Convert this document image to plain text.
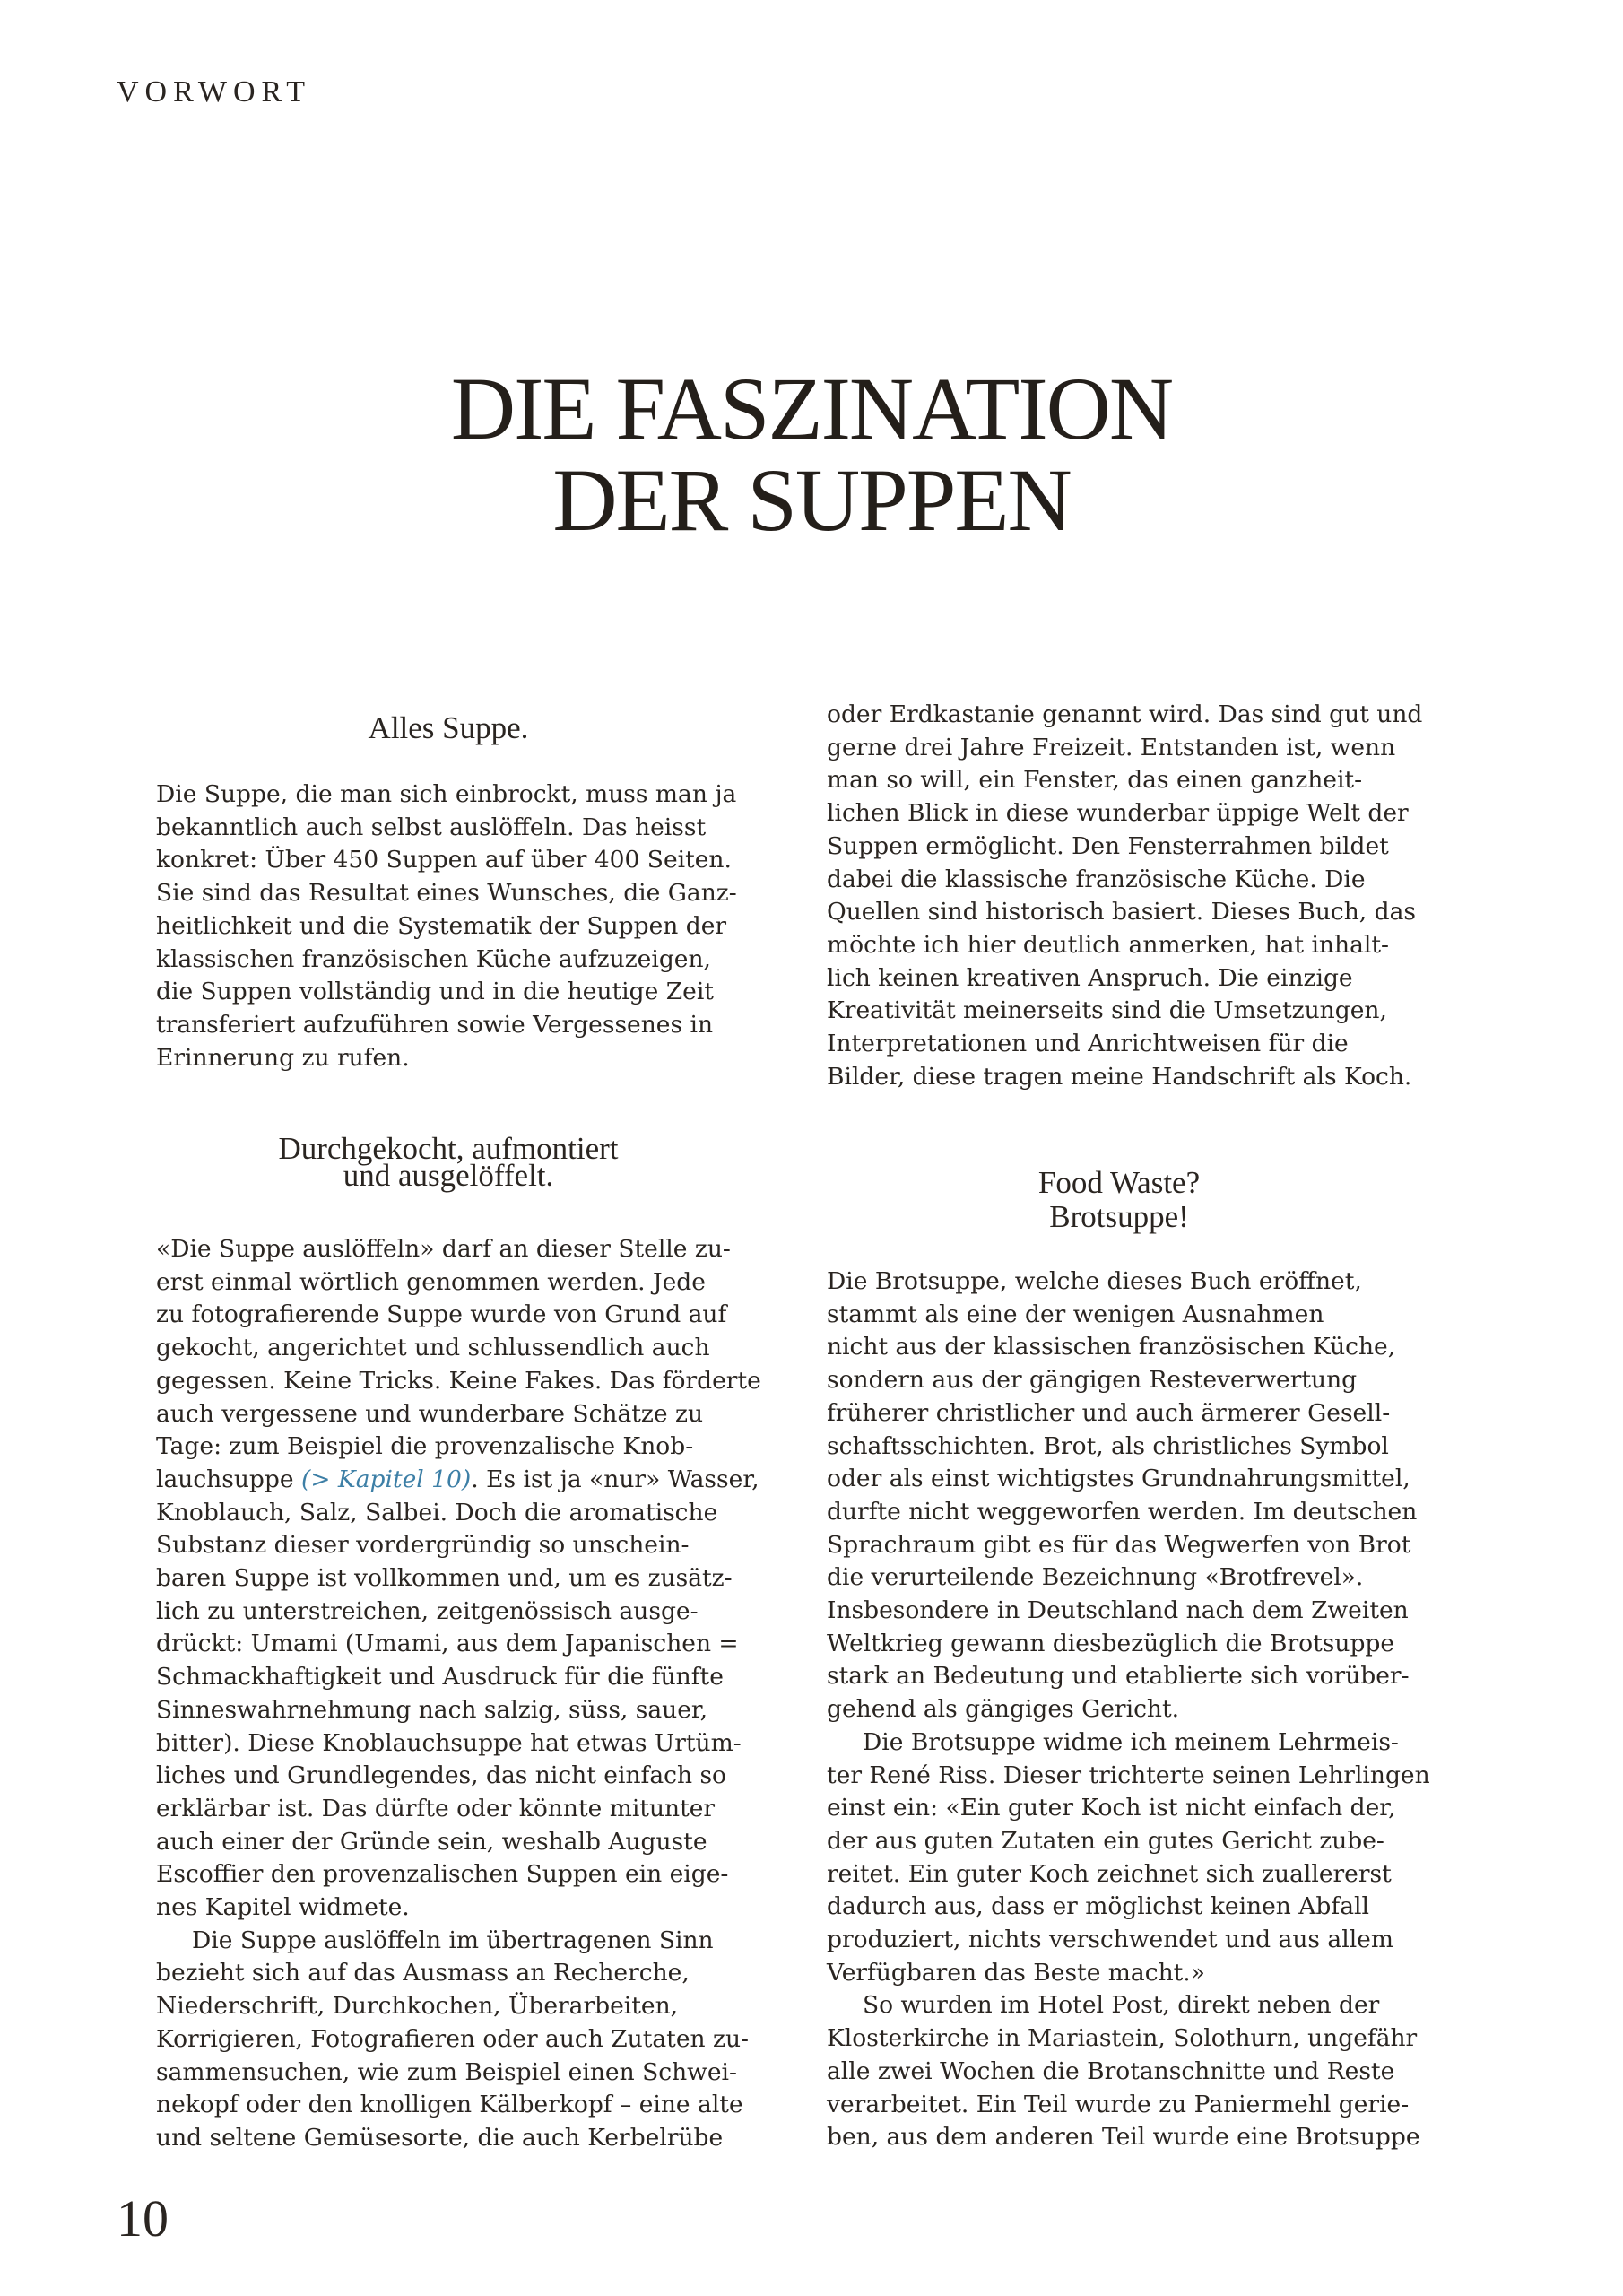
VORWORT
DIE FASZINATION
DER SUPPEN
Alles Suppe.
Durchgekocht, aufmontiert
und ausgelöffelt.	Food Waste?
Brotsuppe!
Die Suppe, die man sich einbrockt, muss man ja
bekanntlich auch selbst auslöffeln. Das heisst
konkret: Über 450 Suppen auf über 400 Seiten.
Sie sind das Resultat eines Wunsches, die Ganz-
heitlichkeit und die Systematik der Suppen der
klassischen französischen Küche aufzuzeigen,
die Suppen vollständig und in die heutige Zeit
transferiert aufzuführen sowie Vergessenes in
Erinnerung zu rufen.
«Die Suppe auslöffeln» darf an dieser Stelle zu-
erst einmal wörtlich genommen werden. Jede
zu fotografierende Suppe wurde von Grund auf
gekocht, angerichtet und schlussendlich auch
gegessen. Keine Tricks. Keine Fakes. Das förderte
auch vergessene und wunderbare Schätze zu
Tage: zum Beispiel die provenzalische Knob-
lauchsuppe (> Kapitel 10). Es ist ja «nur» Wasser,
Knoblauch, Salz, Salbei. Doch die aromatische
Substanz dieser vordergründig so unschein-
baren Suppe ist vollkommen und, um es zusätz-
lich zu unterstreichen, zeitgenössisch ausge-
drückt: Umami (Umami, aus dem Japanischen =
Schmackhaftigkeit und Ausdruck für die fünfte
Sinneswahrnehmung nach salzig, süss, sauer,
bitter). Diese Knoblauchsuppe hat etwas Urtüm-
liches und Grundlegendes, das nicht einfach so
erklärbar ist. Das dürfte oder könnte mitunter
auch einer der Gründe sein, weshalb Auguste
Escoffier den provenzalischen Suppen ein eige-
nes Kapitel widmete.
Die Suppe auslöffeln im übertragenen Sinn
bezieht sich auf das Ausmass an Recherche,
Niederschrift, Durchkochen, Überarbeiten,
Korrigieren, Fotografieren oder auch Zutaten zu-
sammensuchen, wie zum Beispiel einen Schwei-
nekopf oder den knolligen Kälberkopf – eine alte
und seltene Gemüsesorte, die auch Kerbelrübe
oder Erdkastanie genannt wird. Das sind gut und
gerne drei Jahre Freizeit. Entstanden ist, wenn
man so will, ein Fenster, das einen ganzheit-
lichen Blick in diese wunderbar üppige Welt der
Suppen ermöglicht. Den Fensterrahmen bildet
dabei die klassische französische Küche. Die
Quellen sind historisch basiert. Dieses Buch, das
möchte ich hier deutlich anmerken, hat inhalt-
lich keinen kreativen Anspruch. Die einzige
Kreativität meinerseits sind die Umsetzungen,
Interpretationen und Anrichtweisen für die
Bilder, diese tragen meine Handschrift als Koch.
Die Brotsuppe, welche dieses Buch eröffnet,
stammt als eine der wenigen Ausnahmen
nicht aus der klassischen französischen Küche,
sondern aus der gängigen Resteverwertung
früherer christlicher und auch ärmerer Gesell-
schaftsschichten. Brot, als christliches Symbol
oder als einst wichtigstes Grundnahrungsmittel,
durfte nicht weggeworfen werden. Im deutschen
Sprachraum gibt es für das Wegwerfen von Brot
die verurteilende Bezeichnung «Brotfrevel».
Insbesondere in Deutschland nach dem Zweiten
Weltkrieg gewann diesbezüglich die Brotsuppe
stark an Bedeutung und etablierte sich vorüber-
gehend als gängiges Gericht.
Die Brotsuppe widme ich meinem Lehrmeis-
ter René Riss. Dieser trichterte seinen Lehrlingen
einst ein: «Ein guter Koch ist nicht einfach der,
der aus guten Zutaten ein gutes Gericht zube-
reitet. Ein guter Koch zeichnet sich zuallererst
dadurch aus, dass er möglichst keinen Abfall
produziert, nichts verschwendet und aus allem
Verfügbaren das Beste macht.»
So wurden im Hotel Post, direkt neben der
Klosterkirche in Mariastein, Solothurn, ungefähr
alle zwei Wochen die Brotanschnitte und Reste
verarbeitet. Ein Teil wurde zu Paniermehl gerie-
ben, aus dem anderen Teil wurde eine Brotsuppe
10
